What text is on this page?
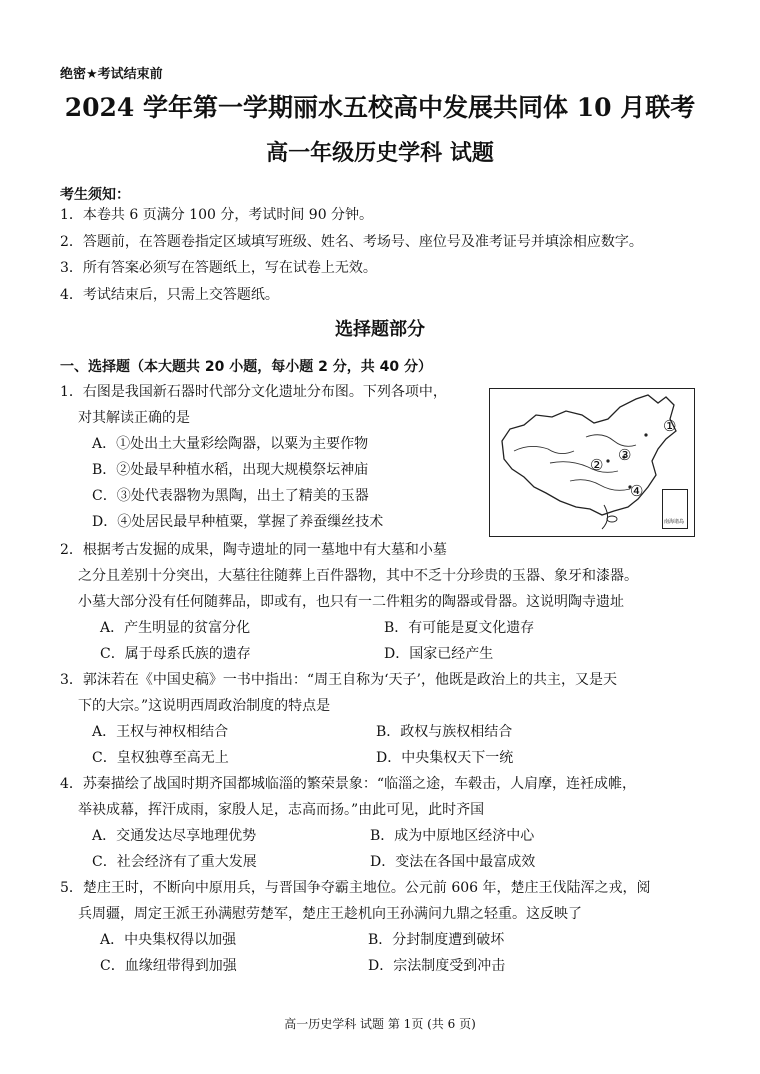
绝密★考试结束前
2024 学年第一学期丽水五校高中发展共同体 10 月联考
高一年级历史学科 试题
考生须知：
1．本卷共 6 页满分 100 分，考试时间 90 分钟。
2．答题前，在答题卷指定区域填写班级、姓名、考场号、座位号及准考证号并填涂相应数字。
3．所有答案必须写在答题纸上，写在试卷上无效。
4．考试结束后，只需上交答题纸。
选择题部分
一、选择题（本大题共 20 小题，每小题 2 分，共 40 分）
1．右图是我国新石器时代部分文化遗址分布图。下列各项中，
对其解读正确的是
A．①处出土大量彩绘陶器，以粟为主要作物
B．②处最早种植水稻，出现大规模祭坛神庙
C．③处代表器物为黑陶，出土了精美的玉器
D．④处居民最早种植粟，掌握了养蚕缫丝技术
①
②
③
④
南海诸岛
2．根据考古发掘的成果，陶寺遗址的同一墓地中有大墓和小墓
之分且差别十分突出，大墓往往随葬上百件器物，其中不乏十分珍贵的玉器、象牙和漆器。
小墓大部分没有任何随葬品，即或有，也只有一二件粗劣的陶器或骨器。这说明陶寺遗址
A．产生明显的贫富分化	B．有可能是夏文化遗存
C．属于母系氏族的遗存	D．国家已经产生
3．郭沫若在《中国史稿》一书中指出：“周王自称为‘天子’，他既是政治上的共主，又是天
下的大宗。”这说明西周政治制度的特点是
A．王权与神权相结合	B．政权与族权相结合
C．皇权独尊至高无上	D．中央集权天下一统
4．苏秦描绘了战国时期齐国都城临淄的繁荣景象：“临淄之途，车毂击，人肩摩，连衽成帷，
举袂成幕，挥汗成雨，家殷人足，志高而扬。”由此可见，此时齐国
A．交通发达尽享地理优势	B．成为中原地区经济中心
C．社会经济有了重大发展	D．变法在各国中最富成效
5．楚庄王时，不断向中原用兵，与晋国争夺霸主地位。公元前 606 年，楚庄王伐陆浑之戎，阅
兵周疆，周定王派王孙满慰劳楚军，楚庄王趁机向王孙满问九鼎之轻重。这反映了
A．中央集权得以加强	B．分封制度遭到破坏
C．血缘纽带得到加强	D．宗法制度受到冲击
高一历史学科 试题 第 1页 (共 6 页)
